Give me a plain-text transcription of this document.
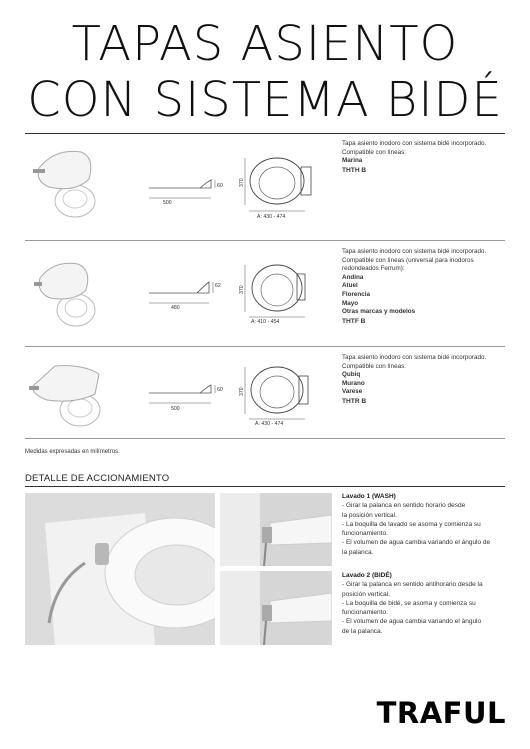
TAPAS ASIENTO
CON SISTEMA BIDÉ
500
60	370
A: 430 - 474
Tapa asiento inodoro con sistema bidé incorporado.
Compatible con líneas:
Marina
THTH B
480
62	370
A: 410 - 454
Tapa asiento inodoro con sistema bidé incorporado.
Compatible con líneas (universal para inodoros
redondeados Ferrum):
Andina
Atuel
Florencia
Mayo
Otras marcas y modelos
THTF B
500
60	370
A: 430 - 474
Tapa asiento inodoro con sistema bidé incorporado.
Compatible con líneas:
Qubiq
Murano
Varese
THTR B
Medidas expresadas en milímetros.
DETALLE DE ACCIONAMIENTO
Lavado 1 (WASH)
- Girar la palanca en sentido horario desde
la posición vertical.
- La boquilla de lavado se asoma y comienza su
funcionamiento.
- El volumen de agua cambia variando el ángulo de
la palanca.
Lavado 2 (BIDÉ)
- Girar la palanca en sentido antihorario desde la
posición vertical.
- La boquilla de bidé, se asoma y comienza su
funcionamiento.
- El volumen de agua cambia variando el ángulo
de la palanca.
TRAFUL
